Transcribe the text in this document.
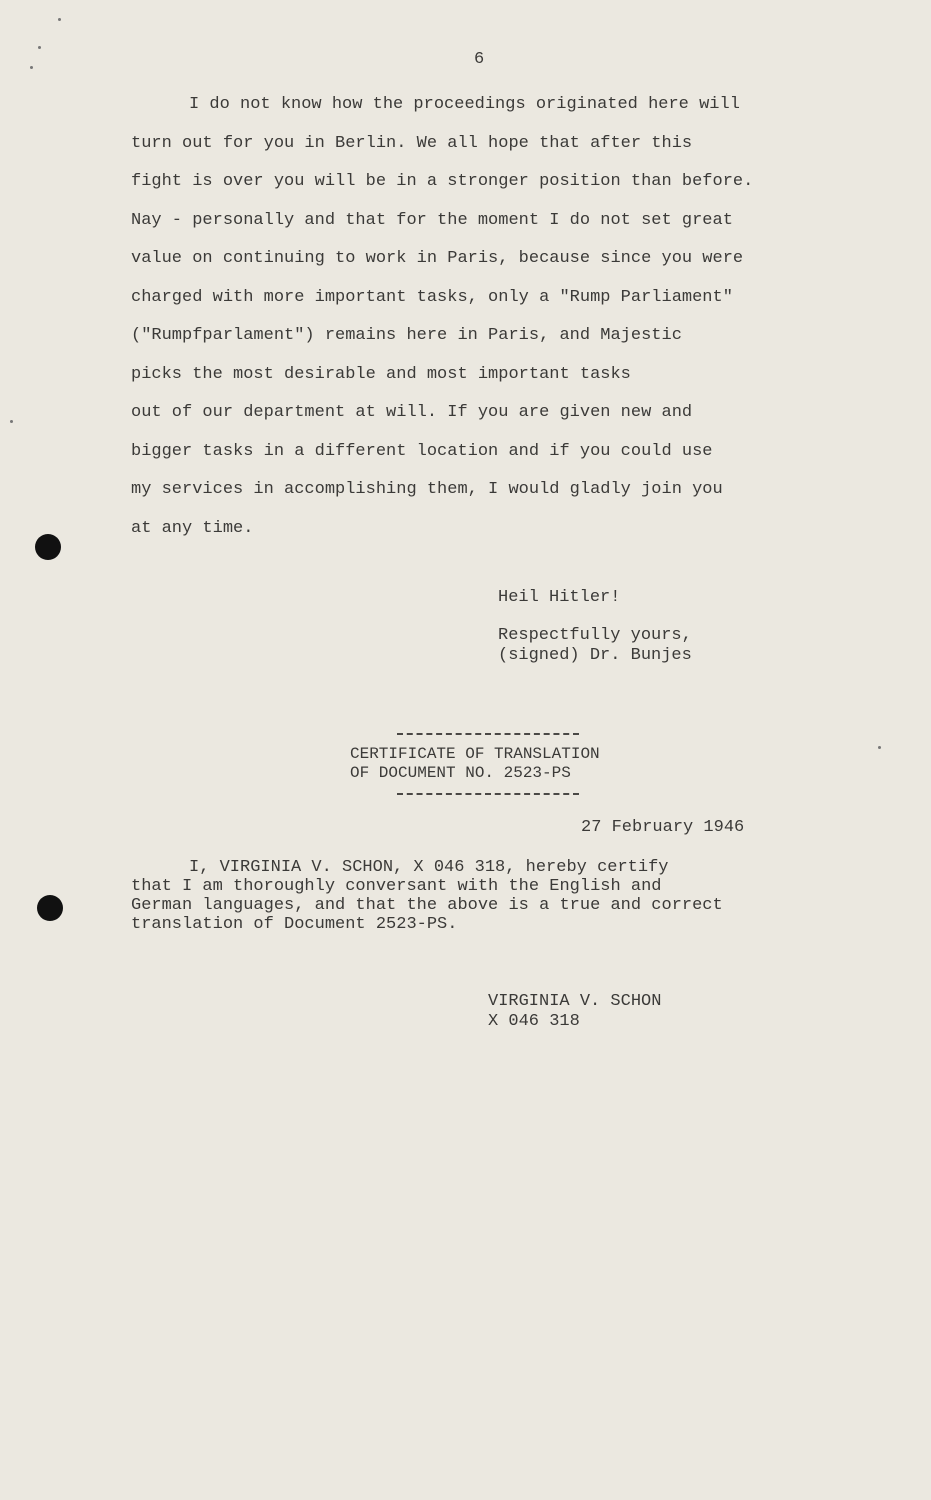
6
I do not know how the proceedings originated here will
turn out for you in Berlin. We all hope that after this
fight is over you will be in a stronger position than before.
Nay - personally and that for the moment I do not set great
value on continuing to work in Paris, because since you were
charged with more important tasks, only a "Rump Parliament"
("Rumpfparlament") remains here in Paris, and Majestic
picks the most desirable and most important tasks
out of our department at will. If you are given new and
bigger tasks in a different location and if you could use
my services in accomplishing them, I would gladly join you
at any time.
Heil Hitler!
Respectfully yours,
(signed) Dr. Bunjes
CERTIFICATE OF TRANSLATION
OF DOCUMENT NO. 2523-PS
27 February 1946
I, VIRGINIA V. SCHON, X 046 318, hereby certify
that I am thoroughly conversant with the English and
German languages, and that the above is a true and correct
translation of Document 2523-PS.
VIRGINIA V. SCHON
X 046 318
